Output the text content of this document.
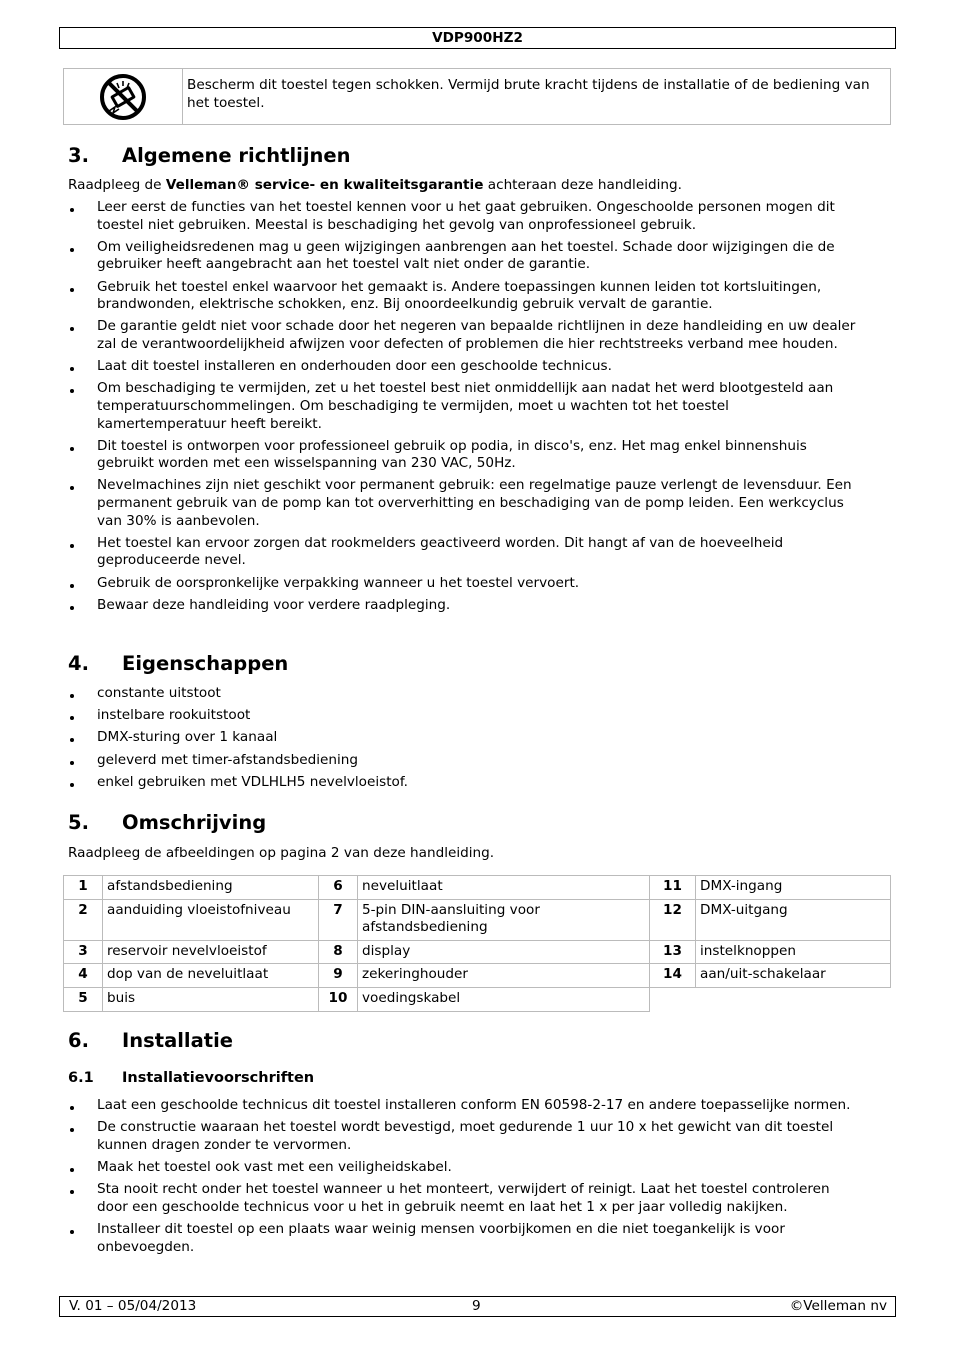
VDP900HZ2
Bescherm dit toestel tegen schokken. Vermijd brute kracht tijdens de installatie of de bediening van het toestel.
3. Algemene richtlijnen

Raadpleeg de Velleman® service- en kwaliteitsgarantie achteraan deze handleiding.

Leer eerst de functies van het toestel kennen voor u het gaat gebruiken. Ongeschoolde personen mogen dit toestel niet gebruiken. Meestal is beschadiging het gevolg van onprofessioneel gebruik.
Om veiligheidsredenen mag u geen wijzigingen aanbrengen aan het toestel. Schade door wijzigingen die de gebruiker heeft aangebracht aan het toestel valt niet onder de garantie.
Gebruik het toestel enkel waarvoor het gemaakt is. Andere toepassingen kunnen leiden tot kortsluitingen, brandwonden, elektrische schokken, enz. Bij onoordeelkundig gebruik vervalt de garantie.
De garantie geldt niet voor schade door het negeren van bepaalde richtlijnen in deze handleiding en uw dealer zal de verantwoordelijkheid afwijzen voor defecten of problemen die hier rechtstreeks verband mee houden.
Laat dit toestel installeren en onderhouden door een geschoolde technicus.
Om beschadiging te vermijden, zet u het toestel best niet onmiddellijk aan nadat het werd blootgesteld aan temperatuurschommelingen. Om beschadiging te vermijden, moet u wachten tot het toestel kamertemperatuur heeft bereikt.
Dit toestel is ontworpen voor professioneel gebruik op podia, in disco's, enz. Het mag enkel binnenshuis gebruikt worden met een wisselspanning van 230 VAC, 50Hz.
Nevelmachines zijn niet geschikt voor permanent gebruik: een regelmatige pauze verlengt de levensduur. Een permanent gebruik van de pomp kan tot oververhitting en beschadiging van de pomp leiden. Een werkcyclus van 30% is aanbevolen.
Het toestel kan ervoor zorgen dat rookmelders geactiveerd worden. Dit hangt af van de hoeveelheid geproduceerde nevel.
Gebruik de oorspronkelijke verpakking wanneer u het toestel vervoert.
Bewaar deze handleiding voor verdere raadpleging.
4. Eigenschappen
constante uitstoot
instelbare rookuitstoot
DMX-sturing over 1 kanaal
geleverd met timer-afstandsbediening
enkel gebruiken met VDLHLH5 nevelvloeistof.
5. Omschrijving

Raadpleeg de afbeeldingen op pagina 2 van deze handleiding.

1	afstandsbediening	6	neveluitlaat	11	DMX-ingang
2	aanduiding vloeistofniveau	7	5-pin DIN-aansluiting voor afstandsbediening	12	DMX-uitgang
3	reservoir nevelvloeistof	8	display	13	instelknoppen
4	dop van de neveluitlaat	9	zekeringhouder	14	aan/uit-schakelaar
5	buis	10	voedingskabel		
6. Installatie
6.1 Installatievoorschriften
Laat een geschoolde technicus dit toestel installeren conform EN 60598-2-17 en andere toepasselijke normen.
De constructie waaraan het toestel wordt bevestigd, moet gedurende 1 uur 10 x het gewicht van dit toestel kunnen dragen zonder te vervormen.
Maak het toestel ook vast met een veiligheidskabel.
Sta nooit recht onder het toestel wanneer u het monteert, verwijdert of reinigt. Laat het toestel controleren door een geschoolde technicus voor u het in gebruik neemt en laat het 1 x per jaar volledig nakijken.
Installeer dit toestel op een plaats waar weinig mensen voorbijkomen en die niet toegankelijk is voor onbevoegden.
V. 01 – 05/04/2013	9	©Velleman nv
